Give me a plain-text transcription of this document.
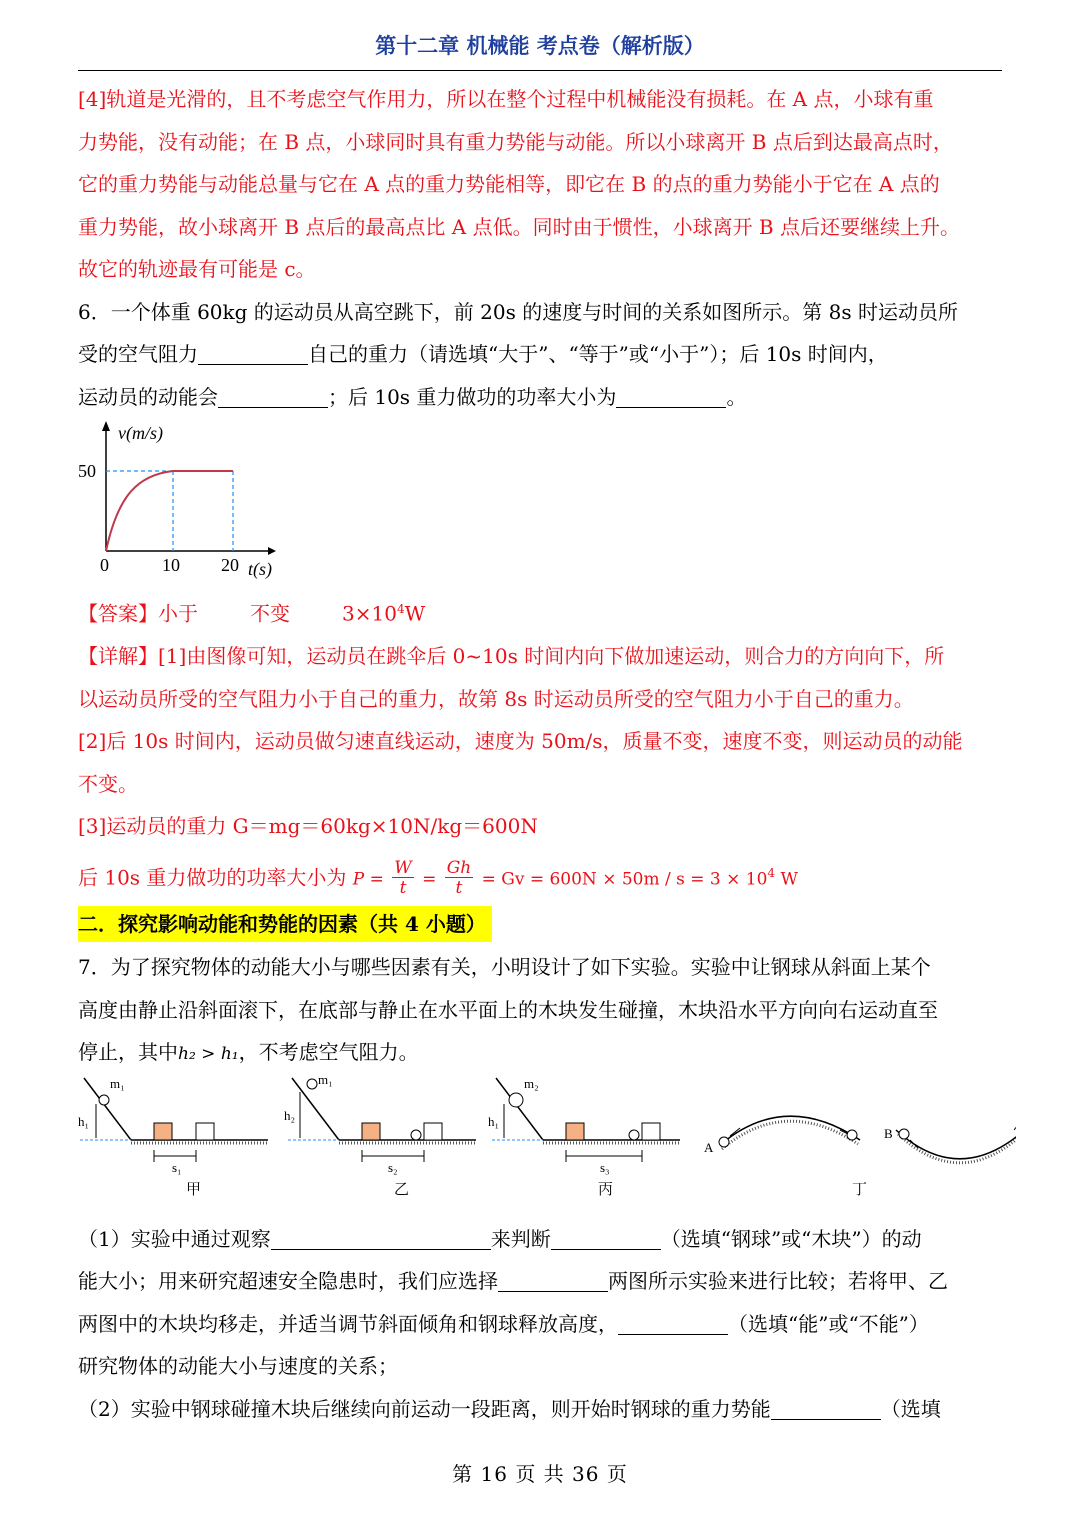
第十二章 机械能 考点卷（解析版）

[4]轨道是光滑的，且不考虑空气作用力，所以在整个过程中机械能没有损耗。在 A 点，小球有重

力势能，没有动能；在 B 点，小球同时具有重力势能与动能。所以小球离开 B 点后到达最高点时，

它的重力势能与动能总量与它在 A 点的重力势能相等，即它在 B 的点的重力势能小于它在 A 点的

重力势能，故小球离开 B 点后的最高点比 A 点低。同时由于惯性，小球离开 B 点后还要继续上升。

故它的轨迹最有可能是 c。

6．一个体重 60kg 的运动员从高空跳下，前 20s 的速度与时间的关系如图所示。第 8s 时运动员所

受的空气阻力	自己的重力（请选填“大于”、“等于”或“小于”）；后 10s 时间内，

运动员的动能会	；后 10s 重力做功的功率大小为	。

【答案】小于	不变	$3\times 10^4W$

【详解】[1]由图像可知，运动员在跳伞后 0~10s 时间内向下做加速运动，则合力的方向向下，所

以运动员所受的空气阻力小于自己的重力，故第 8s 时运动员所受的空气阻力小于自己的重力。

[2]后 10s 时间内，运动员做匀速直线运动，速度为 50m/s，质量不变，速度不变，则运动员的动能

不变。

[3]运动员的重力 G＝mg＝60kg×10N/kg＝600N

后 10s 重力做功的功率大小为 $P = \frac{W}{t} = \frac{Gh}{t} = Gv = 600N \times 50m / s = 3 \times 10^4$ W

二．探究影响动能和势能的因素（共 4 小题）

7．为了探究物体的动能大小与哪些因素有关，小明设计了如下实验。实验中让钢球从斜面上某个

高度由静止沿斜面滚下，在底部与静止在水平面上的木块发生碰撞，木块沿水平方向向右运动直至

停止，其中h₂ > h₁，不考虑空气阻力。

（1）实验中通过观察	来判断	（选填“钢球”或“木块”）的动

能大小；用来研究超速安全隐患时，我们应选择	两图所示实验来进行比较；若将甲、乙

两图中的木块均移走，并适当调节斜面倾角和钢球释放高度，	（选填“能”或“不能”）

研究物体的动能大小与速度的关系；

（2）实验中钢球碰撞木块后继续向前运动一段距离，则开始时钢球的重力势能	（选填

v(m/s)
t(s)
50
0	10 20
m₁
h₁
s₁
甲
m₁
h₂
s₂
乙
m₂
h₁
s₃
丙
A
B
丁
第 16 页 共 36 页
